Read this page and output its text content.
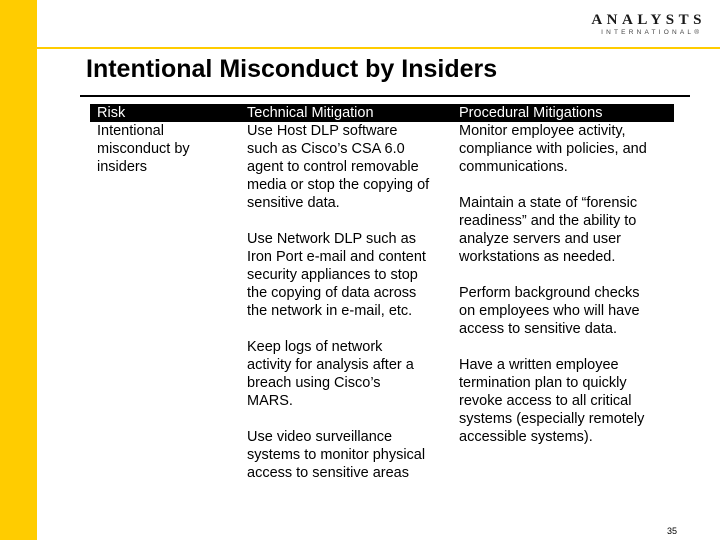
ANALYSTS
INTERNATIONAL®
Intentional Misconduct by Insiders
Risk	Technical Mitigation	Procedural Mitigations
Intentional
misconduct by
insiders
Use Host DLP software
such as Cisco’s CSA 6.0
agent to control removable
media or stop the copying of
sensitive data.
Use Network DLP such as
Iron Port e-mail and content
security appliances to stop
the copying of data across
the network in e-mail, etc.
Keep logs of network
activity for analysis after a
breach using Cisco’s
MARS.
Use video surveillance
systems to monitor physical
access to sensitive areas
Monitor employee activity,
compliance with policies, and
communications.
Maintain a state of “forensic
readiness” and the ability to
analyze servers and user
workstations as needed.
Perform background checks
on employees who will have
access to sensitive data.
Have a written employee
termination plan to quickly
revoke access to all critical
systems (especially remotely
accessible systems).
35
